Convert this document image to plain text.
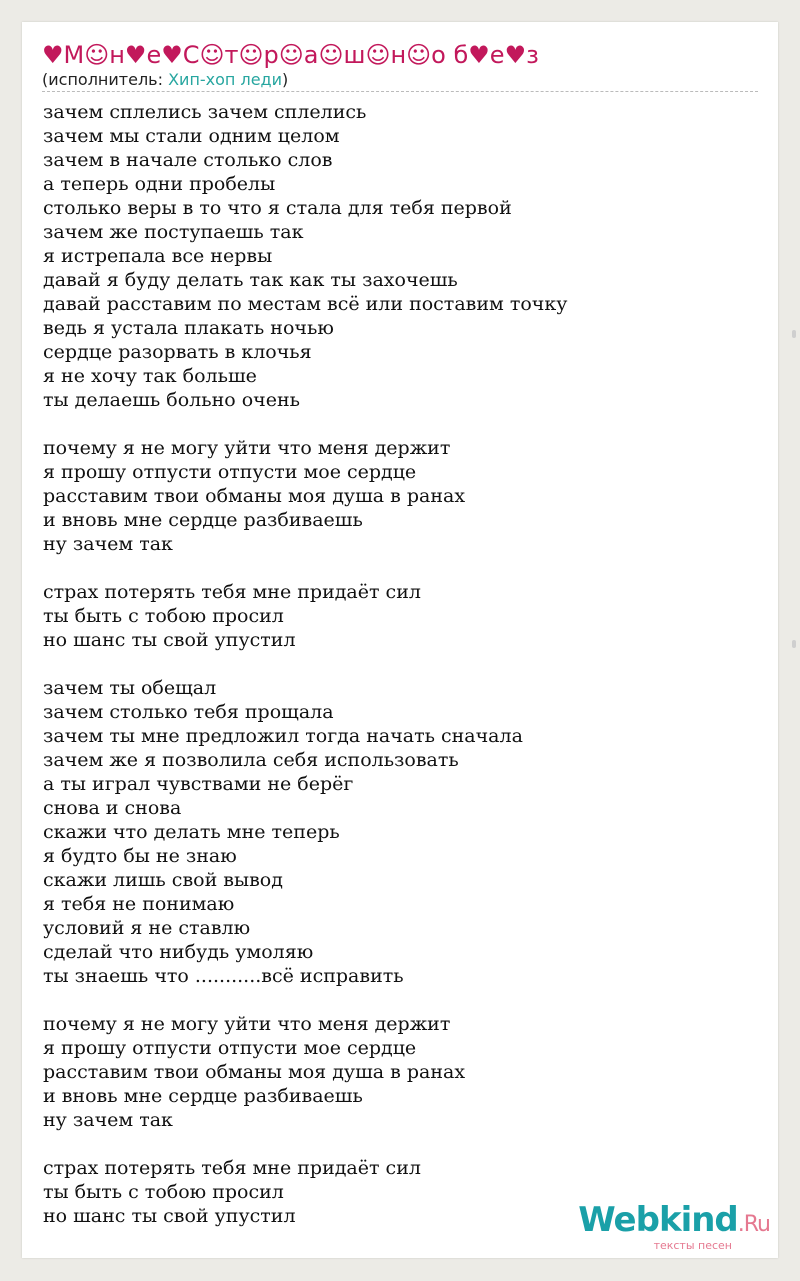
♥М☺н♥е♥С☺т☺р☺а☺ш☺н☺о б♥е♥з
(исполнитель: Хип-хоп леди)
зачем сплелись зачем сплелись
зачем мы стали одним целом
зачем в начале столько слов
а теперь одни пробелы
столько веры в то что я стала для тебя первой
зачем же поступаешь так
я истрепала все нервы
давай я буду делать так как ты захочешь
давай расставим по местам всё или поставим точку
ведь я устала плакать ночью
сердце разорвать в клочья
я не хочу так больше
ты делаешь больно очень
почему я не могу уйти что меня держит
я прошу отпусти отпусти мое сердце
расставим твои обманы моя душа в ранах
и вновь мне сердце разбиваешь
ну зачем так
страх потерять тебя мне придаёт сил
ты быть с тобою просил
но шанс ты свой упустил
зачем ты обещал
зачем столько тебя прощала
зачем ты мне предложил тогда начать сначала
зачем же я позволила себя использовать
а ты играл чувствами не берёг
снова и снова
скажи что делать мне теперь
я будто бы не знаю
скажи лишь свой вывод
я тебя не понимаю
условий я не ставлю
сделай что нибудь умоляю
ты знаешь что ...........всё исправить
почему я не могу уйти что меня держит
я прошу отпусти отпусти мое сердце
расставим твои обманы моя душа в ранах
и вновь мне сердце разбиваешь
ну зачем так
страх потерять тебя мне придаёт сил
ты быть с тобою просил
но шанс ты свой упустил	Webkind.Ru
тексты песен
